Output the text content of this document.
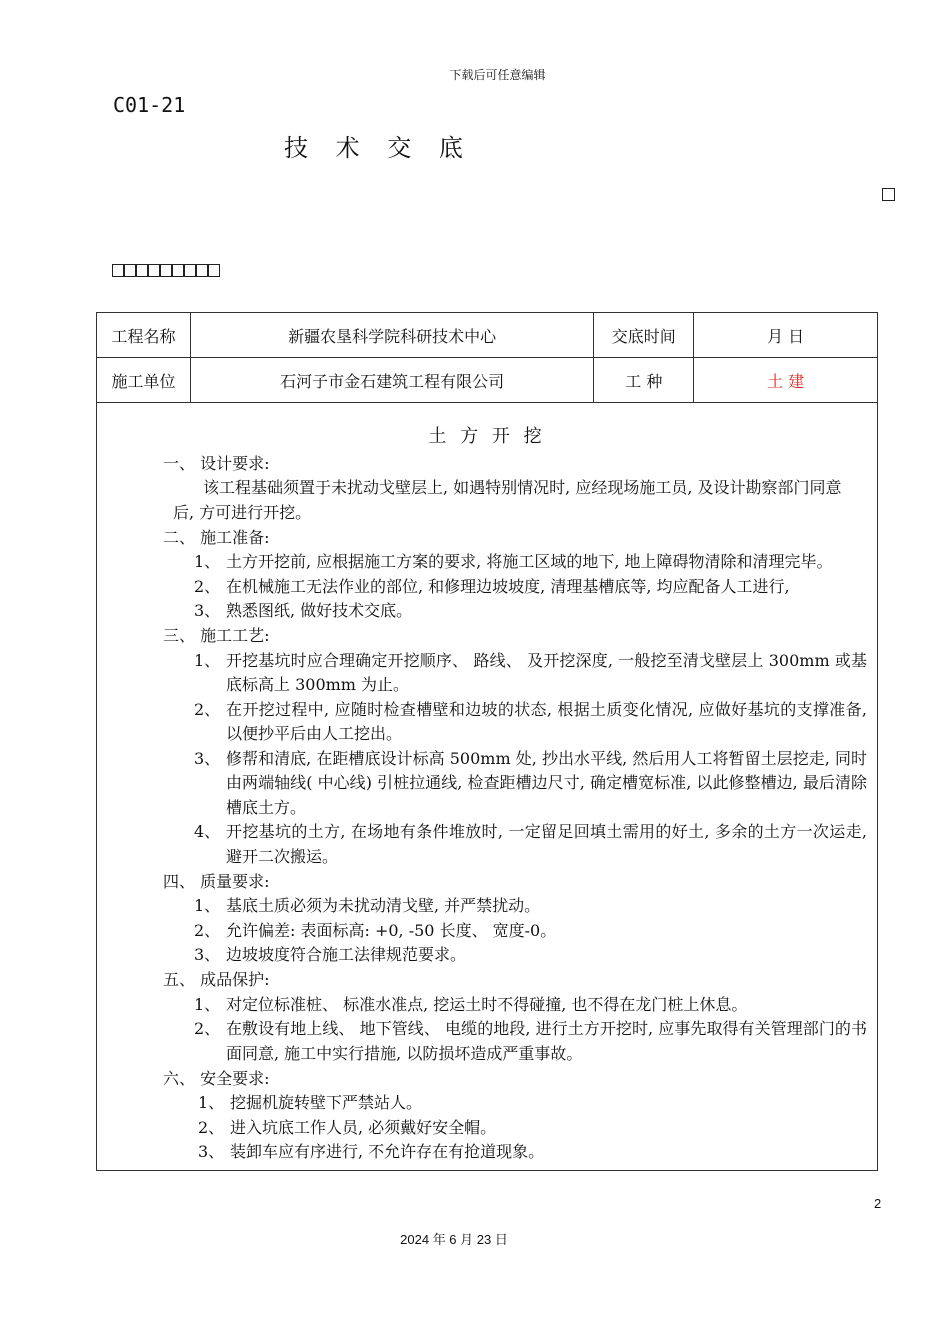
下载后可任意编辑
C01-21
技 术 交 底
工程名称	新疆农垦科学院科研技术中心	交底时间	月 日
施工单位	石河子市金石建筑工程有限公司	工 种	土 建
土 方 开 挖
一、 设计要求:
该工程基础须置于未扰动戈壁层上, 如遇特别情况时, 应经现场施工员, 及设计勘察部门同意
后, 方可进行开挖。
二、 施工准备:
1、 土方开挖前, 应根据施工方案的要求, 将施工区域的地下, 地上障碍物清除和清理完毕。
2、 在机械施工无法作业的部位, 和修理边坡坡度, 清理基槽底等, 均应配备人工进行,
3、 熟悉图纸, 做好技术交底。
三、 施工工艺:
1、 开挖基坑时应合理确定开挖顺序、 路线、 及开挖深度, 一般挖至清戈壁层上 300mm 或基底标高上 300mm 为止。
2、 在开挖过程中, 应随时检查槽壁和边坡的状态, 根据土质变化情况, 应做好基坑的支撑准备, 以便抄平后由人工挖出。
3、 修帮和清底, 在距槽底设计标高 500mm 处, 抄出水平线, 然后用人工将暂留土层挖走, 同时由两端轴线( 中心线) 引桩拉通线, 检查距槽边尺寸, 确定槽宽标准, 以此修整槽边, 最后清除槽底土方。
4、 开挖基坑的土方, 在场地有条件堆放时, 一定留足回填土需用的好土, 多余的土方一次运走, 避开二次搬运。
四、 质量要求:
1、 基底土质必须为未扰动清戈壁, 并严禁扰动。
2、 允许偏差: 表面标高: +0, -50 长度、 宽度-0。
3、 边坡坡度符合施工法律规范要求。
五、 成品保护:
1、 对定位标准桩、 标准水准点, 挖运土时不得碰撞, 也不得在龙门桩上休息。
2、 在敷设有地上线、 地下管线、 电缆的地段, 进行土方开挖时, 应事先取得有关管理部门的书面同意, 施工中实行措施, 以防损坏造成严重事故。
六、 安全要求:
1、 挖掘机旋转壁下严禁站人。
2、 进入坑底工作人员, 必须戴好安全帽。
3、 装卸车应有序进行, 不允许存在有抢道现象。
2
2024 年 6 月 23 日
